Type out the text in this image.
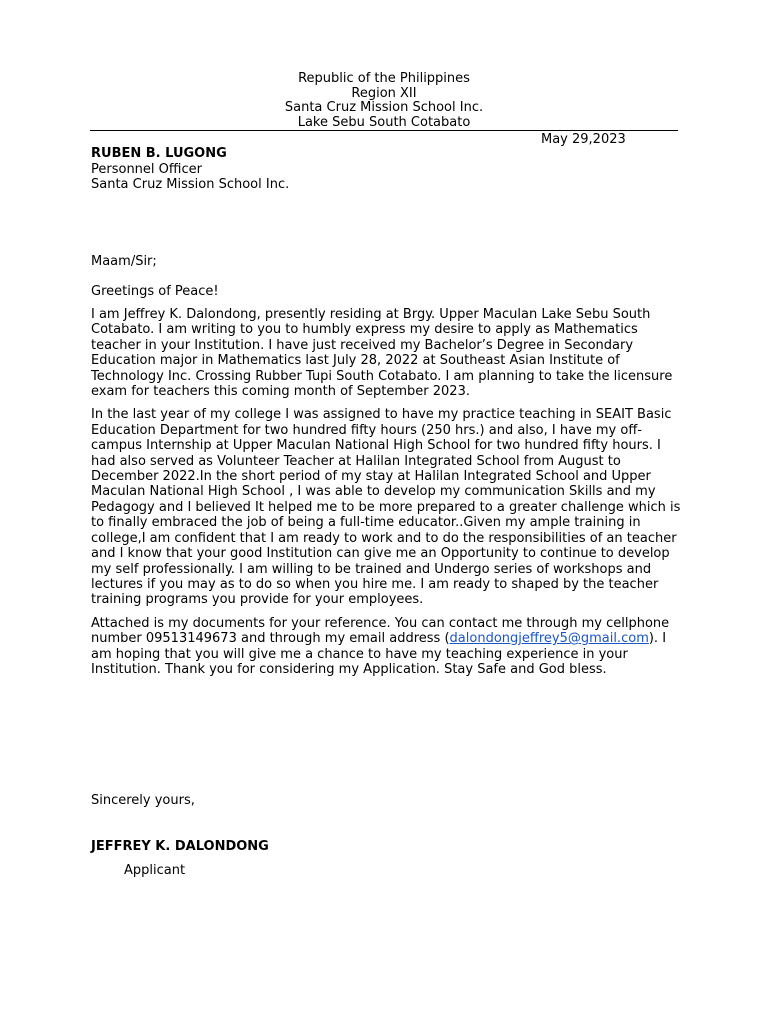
Republic of the Philippines
Region XII
Santa Cruz Mission School Inc.
Lake Sebu South Cotabato
May 29,2023
RUBEN B. LUGONG
Personnel Officer
Santa Cruz Mission School Inc.
Maam/Sir;
Greetings of Peace!

I am Jeffrey K. Dalondong, presently residing at Brgy. Upper Maculan Lake Sebu South Cotabato. I am writing to you to humbly express my desire to apply as Mathematics teacher in your Institution. I have just received my Bachelor’s Degree in Secondary Education major in Mathematics last July 28, 2022 at Southeast Asian Institute of Technology Inc. Crossing Rubber Tupi South Cotabato. I am planning to take the licensure exam for teachers this coming month of September 2023.

In the last year of my college I was assigned to have my practice teaching in SEAIT Basic Education Department for two hundred fifty hours (250 hrs.) and also, I have my off-campus Internship at Upper Maculan National High School for two hundred fifty hours. I had also served as Volunteer Teacher at Halilan Integrated School from August to December 2022.In the short period of my stay at Halilan Integrated School and Upper Maculan National High School , I was able to develop my communication Skills and my Pedagogy and I believed It helped me to be more prepared to a greater challenge which is to finally embraced the job of being a full-time educator..Given my ample training in college,I am confident that I am ready to work and to do the responsibilities of an teacher and I know that your good Institution can give me an Opportunity to continue to develop my self professionally. I am willing to be trained and Undergo series of workshops and lectures if you may as to do so when you hire me. I am ready to shaped by the teacher training programs you provide for your employees.

Attached is my documents for your reference. You can contact me through my cellphone number 09513149673 and through my email address (dalondongjeffrey5@gmail.com). I am hoping that you will give me a chance to have my teaching experience in your Institution. Thank you for considering my Application. Stay Safe and God bless.

Sincerely yours,
JEFFREY K. DALONDONG
Applicant
